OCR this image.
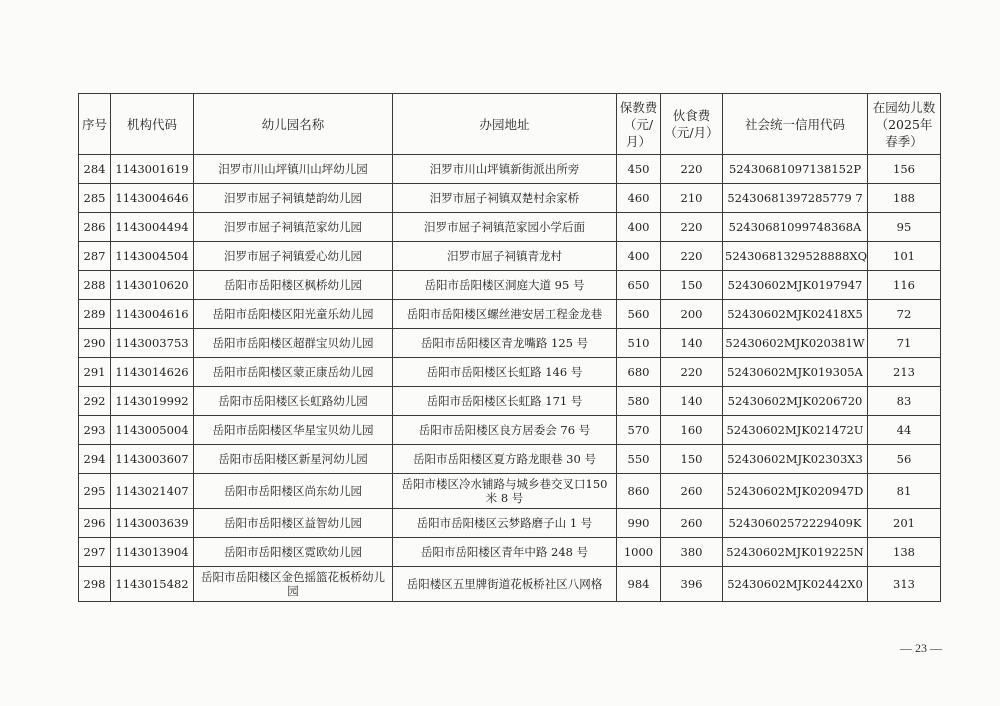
序号	机构代码	幼儿园名称	办园地址	保教费（元/月）	伙食费（元/月）	社会统一信用代码	在园幼儿数（2025年春季）
284	1143001619	汨罗市川山坪镇川山坪幼儿园	汨罗市川山坪镇新街派出所旁	450	220	52430681097138152P	156
285	1143004646	汨罗市屈子祠镇楚韵幼儿园	汨罗市屈子祠镇双楚村余家桥	460	210	52430681397285779 7	188
286	1143004494	汨罗市屈子祠镇范家幼儿园	汨罗市屈子祠镇范家园小学后面	400	220	52430681099748368A	95
287	1143004504	汨罗市屈子祠镇爱心幼儿园	汨罗市屈子祠镇青龙村	400	220	52430681329528888XQ	101
288	1143010620	岳阳市岳阳楼区枫桥幼儿园	岳阳市岳阳楼区洞庭大道 95 号	650	150	52430602MJK0197947	116
289	1143004616	岳阳市岳阳楼区阳光童乐幼儿园	岳阳市岳阳楼区螺丝港安居工程金龙巷	560	200	52430602MJK02418X5	72
290	1143003753	岳阳市岳阳楼区超群宝贝幼儿园	岳阳市岳阳楼区青龙嘴路 125 号	510	140	52430602MJK020381W	71
291	1143014626	岳阳市岳阳楼区蒙正康岳幼儿园	岳阳市岳阳楼区长虹路 146 号	680	220	52430602MJK019305A	213
292	1143019992	岳阳市岳阳楼区长虹路幼儿园	岳阳市岳阳楼区长虹路 171 号	580	140	52430602MJK0206720	83
293	1143005004	岳阳市岳阳楼区华星宝贝幼儿园	岳阳市岳阳楼区良方居委会 76 号	570	160	52430602MJK021472U	44
294	1143003607	岳阳市岳阳楼区新星河幼儿园	岳阳市岳阳楼区夏方路龙眼巷 30 号	550	150	52430602MJK02303X3	56
295	1143021407	岳阳市岳阳楼区尚东幼儿园	岳阳市楼区冷水铺路与城乡巷交叉口150 米 8 号	860	260	52430602MJK020947D	81
296	1143003639	岳阳市岳阳楼区益智幼儿园	岳阳市岳阳楼区云梦路磨子山 1 号	990	260	52430602572229409K	201
297	1143013904	岳阳市岳阳楼区霓欧幼儿园	岳阳市岳阳楼区青年中路 248 号	1000	380	52430602MJK019225N	138
298	1143015482	岳阳市岳阳楼区金色摇篮花板桥幼儿园	岳阳楼区五里牌街道花板桥社区八网格	984	396	52430602MJK02442X0	313
— 23 —
